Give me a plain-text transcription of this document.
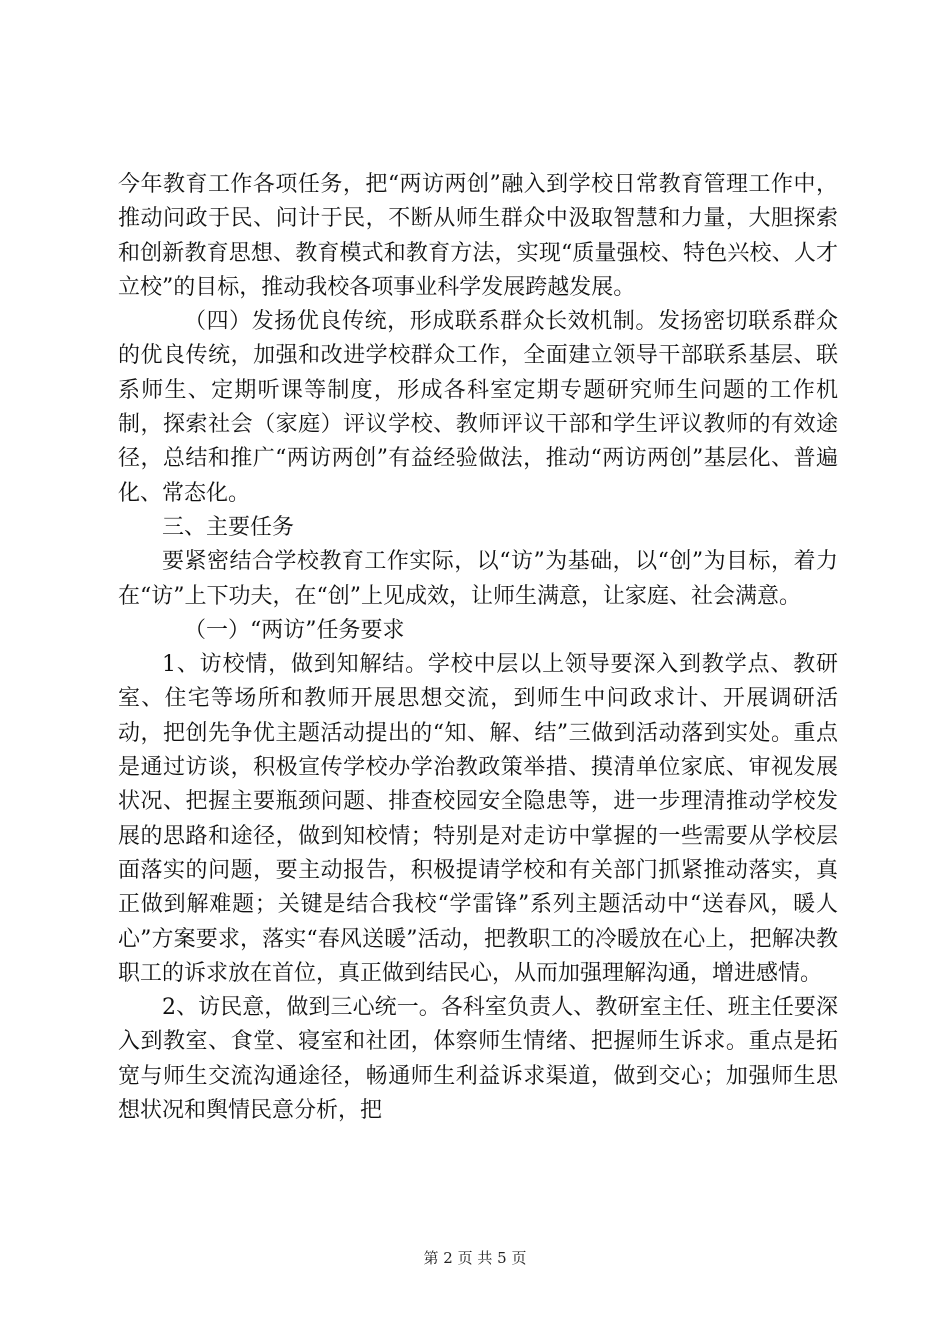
今年教育工作各项任务，把“两访两创”融入到学校日常教育管理工作中，推动问政于民、问计于民，不断从师生群众中汲取智慧和力量，大胆探索和创新教育思想、教育模式和教育方法，实现“质量强校、特色兴校、人才立校”的目标，推动我校各项事业科学发展跨越发展。

（四）发扬优良传统，形成联系群众长效机制。发扬密切联系群众的优良传统，加强和改进学校群众工作，全面建立领导干部联系基层、联系师生、定期听课等制度，形成各科室定期专题研究师生问题的工作机制，探索社会（家庭）评议学校、教师评议干部和学生评议教师的有效途径，总结和推广“两访两创”有益经验做法，推动“两访两创”基层化、普遍化、常态化。

三、主要任务

要紧密结合学校教育工作实际，以“访”为基础，以“创”为目标，着力在“访”上下功夫，在“创”上见成效，让师生满意，让家庭、社会满意。

（一）“两访”任务要求

1、访校情，做到知解结。学校中层以上领导要深入到教学点、教研室、住宅等场所和教师开展思想交流，到师生中问政求计、开展调研活动，把创先争优主题活动提出的“知、解、结”三做到活动落到实处。重点是通过访谈，积极宣传学校办学治教政策举措、摸清单位家底、审视发展状况、把握主要瓶颈问题、排查校园安全隐患等，进一步理清推动学校发展的思路和途径，做到知校情；特别是对走访中掌握的一些需要从学校层面落实的问题，要主动报告，积极提请学校和有关部门抓紧推动落实，真正做到解难题；关键是结合我校“学雷锋”系列主题活动中“送春风，暖人心”方案要求，落实“春风送暖”活动，把教职工的冷暖放在心上，把解决教职工的诉求放在首位，真正做到结民心，从而加强理解沟通，增进感情。

2、访民意，做到三心统一。各科室负责人、教研室主任、班主任要深入到教室、食堂、寝室和社团，体察师生情绪、把握师生诉求。重点是拓宽与师生交流沟通途径，畅通师生利益诉求渠道，做到交心；加强师生思想状况和舆情民意分析，把

第 2 页 共 5 页
